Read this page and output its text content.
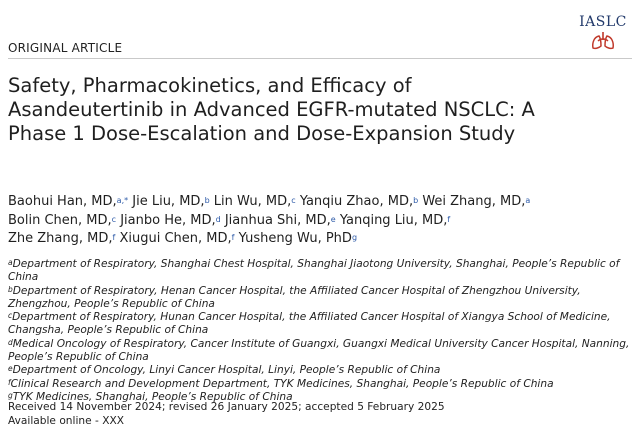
ORIGINAL ARTICLE
IASLC
Safety, Pharmacokinetics, and Efficacy of Asandeutertinib in Advanced EGFR-mutated NSCLC: A Phase 1 Dose-Escalation and Dose-Expansion Study
Baohui Han, MD,$^{a,*}$ Jie Liu, MD,$^b$ Lin Wu, MD,$^c$ Yanqiu Zhao, MD,$^b$ Wei Zhang, MD,$^a$
Bolin Chen, MD,$^c$ Jianbo He, MD,$^d$ Jianhua Shi, MD,$^e$ Yanqing Liu, MD,$^f$
Zhe Zhang, MD,$^f$ Xiugui Chen, MD,$^f$ Yusheng Wu, PhD$^g$
$^a$Department of Respiratory, Shanghai Chest Hospital, Shanghai Jiaotong University, Shanghai, People’s Republic of China
$^b$Department of Respiratory, Henan Cancer Hospital, the Affiliated Cancer Hospital of Zhengzhou University, Zhengzhou, People’s Republic of China
$^c$Department of Respiratory, Hunan Cancer Hospital, the Affiliated Cancer Hospital of Xiangya School of Medicine, Changsha, People’s Republic of China
$^d$Medical Oncology of Respiratory, Cancer Institute of Guangxi, Guangxi Medical University Cancer Hospital, Nanning, People’s Republic of China
$^e$Department of Oncology, Linyi Cancer Hospital, Linyi, People’s Republic of China
$^f$Clinical Research and Development Department, TYK Medicines, Shanghai, People’s Republic of China
$^g$TYK Medicines, Shanghai, People’s Republic of China
Received 14 November 2024; revised 26 January 2025; accepted 5 February 2025
Available online - XXX
